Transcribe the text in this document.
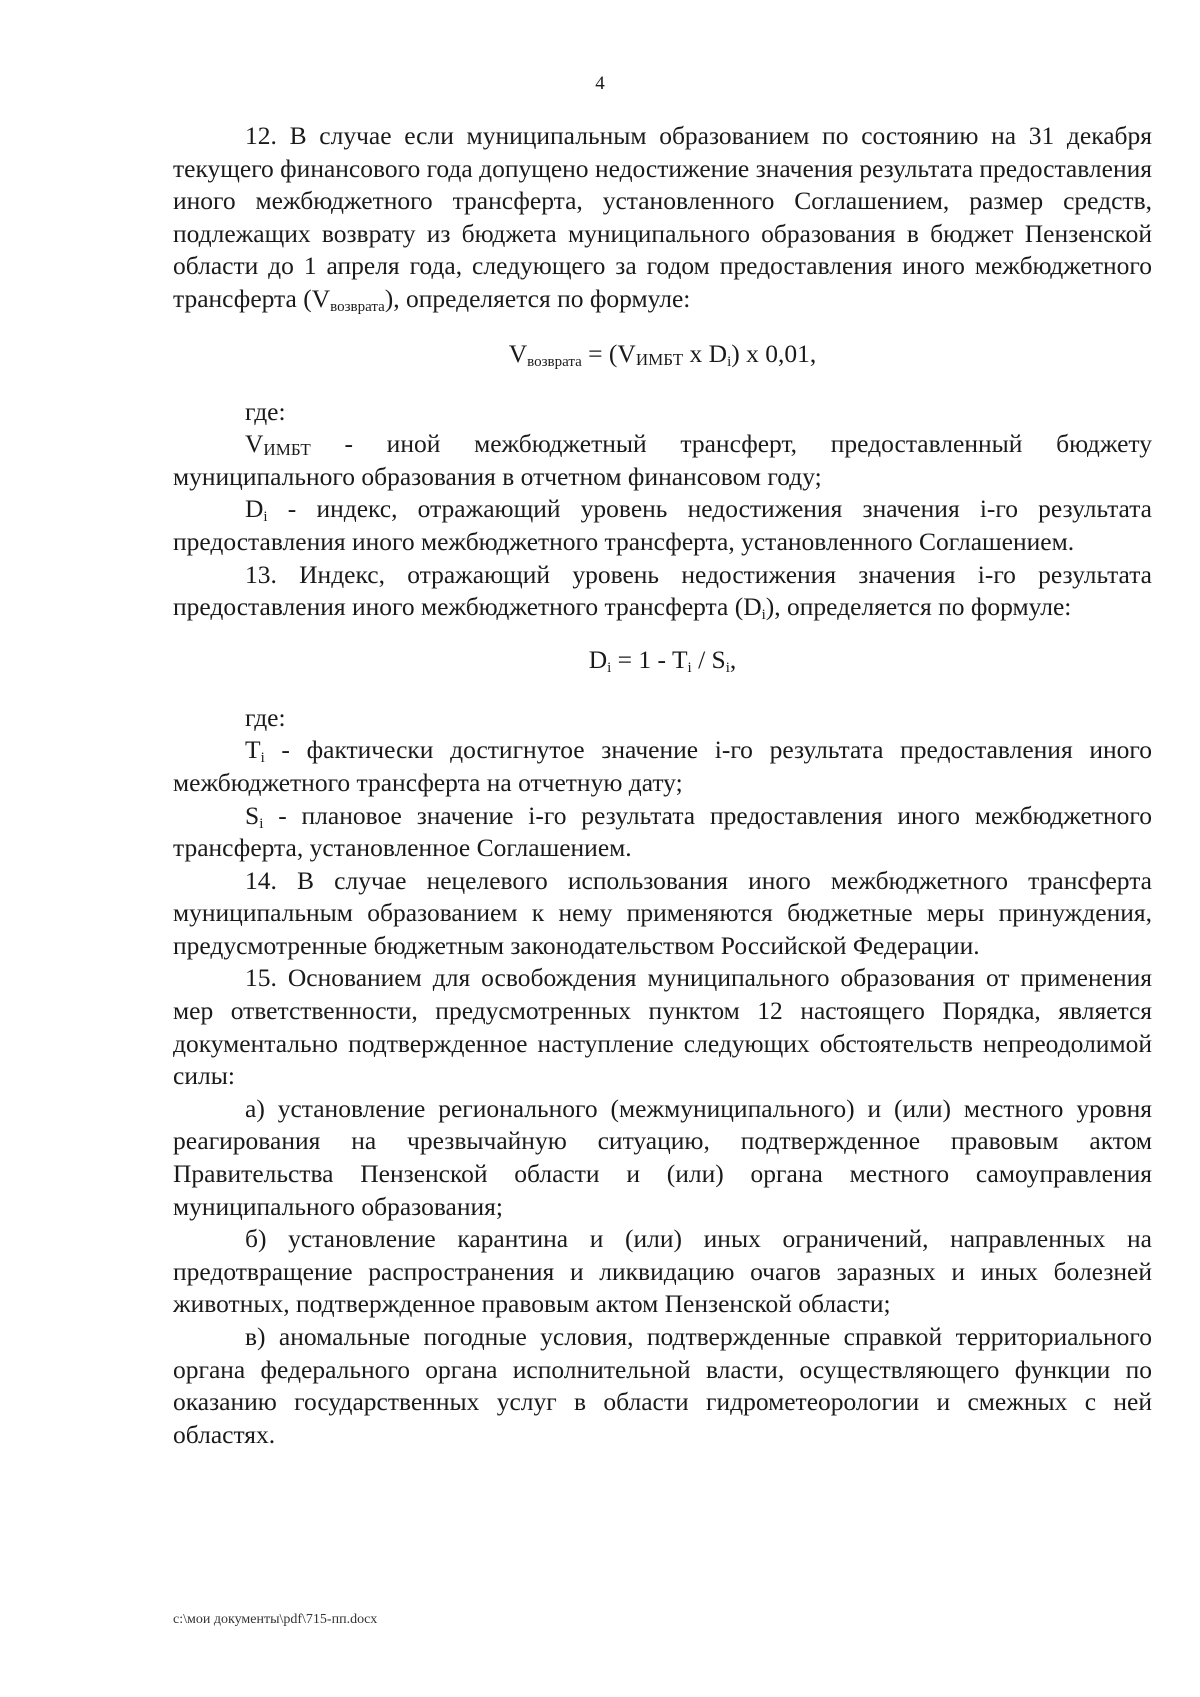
4

12. В случае если муниципальным образованием по состоянию на 31 декабря текущего финансового года допущено недостижение значения результата предоставления иного межбюджетного трансферта, установленного Соглашением, размер средств, подлежащих возврату из бюджета муниципального образования в бюджет Пензенской области до 1 апреля года, следующего за годом предоставления иного межбюджетного трансферта $(V_{возврата})$, определяется по формуле:

$V_{возврата}$ = (VИМБТ x $D_i$) x 0,01,

где:

VИМБТ - иной межбюджетный трансферт, предоставленный бюджету муниципального образования в отчетном финансовом году;

$D_i$ - индекс, отражающий уровень недостижения значения i-го результата предоставления иного межбюджетного трансферта, установленного Соглашением.

13. Индекс, отражающий уровень недостижения значения i-го результата предоставления иного межбюджетного трансферта $(D_i)$, определяется по формуле:

$D_i = 1 - T_i / S_i$,

где:

$T_i$ - фактически достигнутое значение i-го результата предоставления иного межбюджетного трансферта на отчетную дату;

$S_i$ - плановое значение i-го результата предоставления иного межбюджетного трансферта, установленное Соглашением.

14. В случае нецелевого использования иного межбюджетного трансферта муниципальным образованием к нему применяются бюджетные меры принуждения, предусмотренные бюджетным законодательством Российской Федерации.

15. Основанием для освобождения муниципального образования от применения мер ответственности, предусмотренных пунктом 12 настоящего Порядка, является документально подтвержденное наступление следующих обстоятельств непреодолимой силы:

а) установление регионального (межмуниципального) и (или) местного уровня реагирования на чрезвычайную ситуацию, подтвержденное правовым актом Правительства Пензенской области и (или) органа местного самоуправления муниципального образования;

б) установление карантина и (или) иных ограничений, направленных на предотвращение распространения и ликвидацию очагов заразных и иных болезней животных, подтвержденное правовым актом Пензенской области;

в) аномальные погодные условия, подтвержденные справкой территориального органа федерального органа исполнительной власти, осуществляющего функции по оказанию государственных услуг в области гидрометеорологии и смежных с ней областях.

c:\мои документы\pdf\715-пп.docx
